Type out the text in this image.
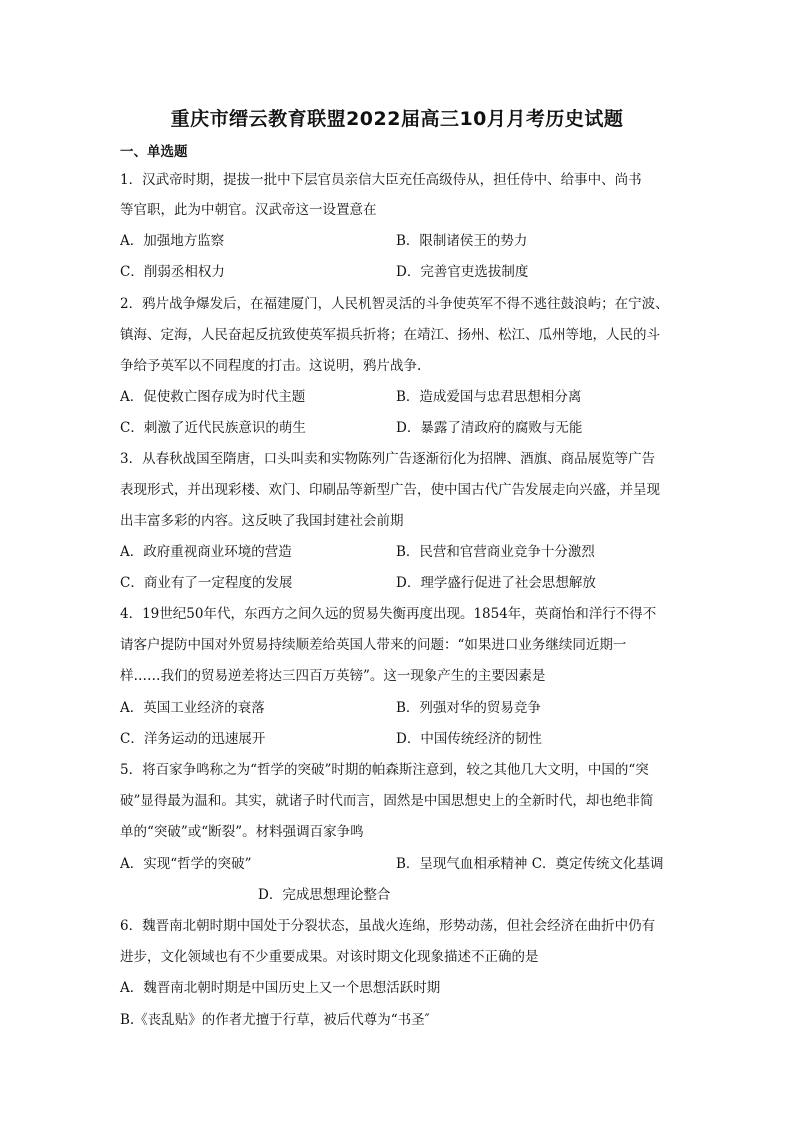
重庆市缙云教育联盟2022届高三10月月考历史试题
一、单选题
1．汉武帝时期，提拔一批中下层官员亲信大臣充任高级侍从，担任侍中、给事中、尚书
等官职，此为中朝官。汉武帝这一设置意在
A．加强地方监察	B．限制诸侯王的势力
C．削弱丞相权力	D．完善官吏选拔制度
2．鸦片战争爆发后，在福建厦门，人民机智灵活的斗争使英军不得不逃往鼓浪屿；在宁波、
镇海、定海，人民奋起反抗致使英军损兵折将；在靖江、扬州、松江、瓜州等地，人民的斗
争给予英军以不同程度的打击。这说明，鸦片战争.
A．促使救亡图存成为时代主题	B．造成爱国与忠君思想相分离
C．刺激了近代民族意识的萌生	D．暴露了清政府的腐败与无能
3．从春秋战国至隋唐，口头叫卖和实物陈列广告逐渐衍化为招牌、酒旗、商品展览等广告
表现形式，并出现彩楼、欢门、印刷品等新型广告，使中国古代广告发展走向兴盛，并呈现
出丰富多彩的内容。这反映了我国封建社会前期
A．政府重视商业环境的营造	B．民营和官营商业竞争十分激烈
C．商业有了一定程度的发展	D．理学盛行促进了社会思想解放
4．19世纪50年代，东西方之间久远的贸易失衡再度出现。1854年，英商怡和洋行不得不
请客户提防中国对外贸易持续顺差给英国人带来的问题：“如果进口业务继续同近期一
样……我们的贸易逆差将达三四百万英镑”。这一现象产生的主要因素是
A．英国工业经济的衰落	B．列强对华的贸易竞争
C．洋务运动的迅速展开	D．中国传统经济的韧性
5．将百家争鸣称之为“哲学的突破”时期的帕森斯注意到，较之其他几大文明，中国的“突
破”显得最为温和。其实，就诸子时代而言，固然是中国思想史上的全新时代，却也绝非简
单的“突破”或“断裂”。材料强调百家争鸣
A．实现“哲学的突破”	B．呈现气血相承精神 C．奠定传统文化基调
D．完成思想理论整合
6．魏晋南北朝时期中国处于分裂状态，虽战火连绵，形势动荡，但社会经济在曲折中仍有
进步，文化领域也有不少重要成果。对该时期文化现象描述不正确的是
A．魏晋南北朝时期是中国历史上又一个思想活跃时期
B.《丧乱贴》的作者尤擅于行草，被后代尊为“书圣″
